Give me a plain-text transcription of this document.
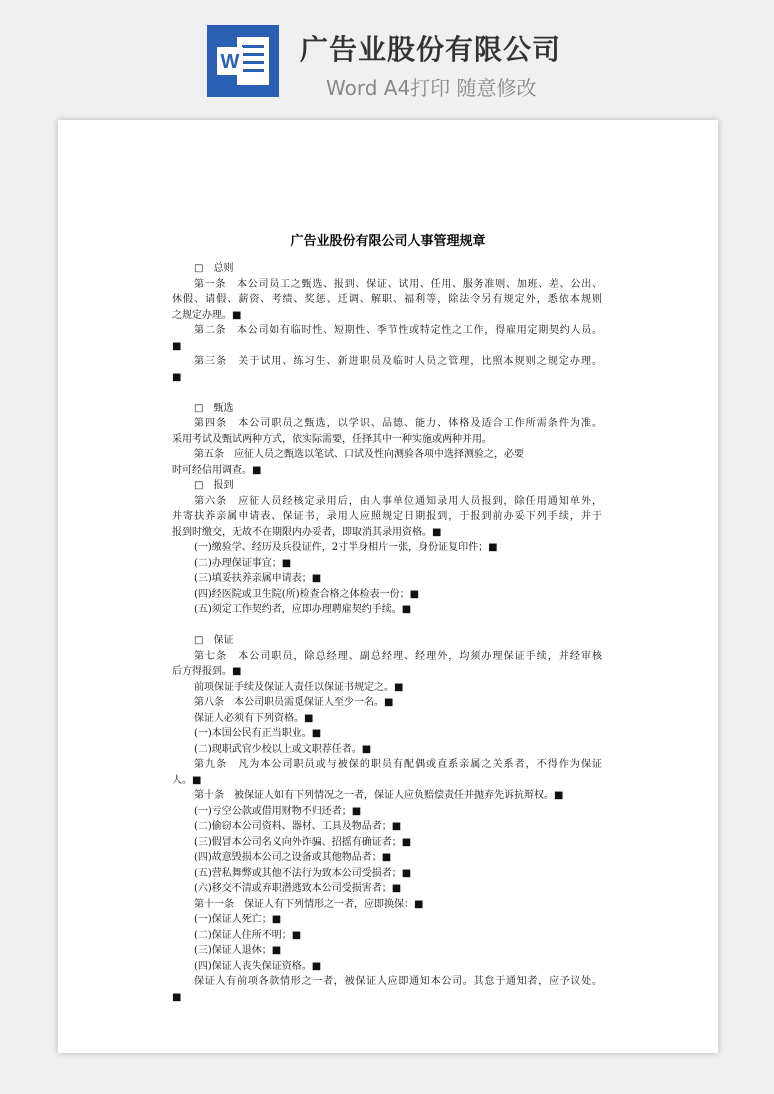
W 广告业股份有限公司
Word A4打印 随意修改
广告业股份有限公司人事管理规章
□　总则
第一条　本公司员工之甄选、报到、保证、试用、任用、服务准则、加班、差、公出、
休假、请假、薪资、考绩、奖惩、迁调、解职、福利等，除法令另有规定外，悉依本规则
之规定办理。■
第二条　本公司如有临时性、短期性、季节性或特定性之工作，得雇用定期契约人员。
■
第三条　关于试用、练习生、新进职员及临时人员之管理，比照本规则之规定办理。
■
□　甄选
第四条　本公司职员之甄选，以学识、品德、能力、体格及适合工作所需条件为准。
采用考试及甄试两种方式，依实际需要，任择其中一种实施或两种并用。
第五条　应征人员之甄选以笔试、口试及性向测验各项中选择测验之，必要
时可经信用调查。■
□　报到
第六条　应征人员经核定录用后，由人事单位通知录用人员报到，除任用通知单外，
并寄扶养亲属申请表、保证书，录用人应照规定日期报到，于报到前办妥下列手续，并于
报到时缴交，无故不在期限内办妥者，即取消其录用资格。■
(一)缴验学、经历及兵役证件，2寸半身相片一张，身份证复印件；■
(二)办理保证事宜；■
(三)填妥扶养亲属申请表；■
(四)经医院或卫生院(所)检查合格之体检表一份；■
(五)须定工作契约者，应即办理聘雇契约手续。■
□　保证
第七条　本公司职员，除总经理、副总经理、经理外，均须办理保证手续，并经审核
后方得报到。■
前项保证手续及保证人责任以保证书规定之。■
第八条　本公司职员需觅保证人至少一名。■
保证人必须有下列资格。■
(一)本国公民有正当职业。■
(二)现职武官少校以上或文职荐任者。■
第九条　凡为本公司职员或与被保的职员有配偶或直系亲属之关系者，不得作为保证
人。■
第十条　被保证人如有下列情况之一者，保证人应负赔偿责任并抛弃先诉抗辩权。■
(一)亏空公款或借用财物不归还者；■
(二)偷窃本公司资料、器材、工具及物品者；■
(三)假冒本公司名义向外诈骗、招摇有确证者；■
(四)故意毁损本公司之设备或其他物品者；■
(五)营私舞弊或其他不法行为致本公司受损者；■
(六)移交不清或弃职潜逃致本公司受损害者；■
第十一条　保证人有下列情形之一者，应即换保：■
(一)保证人死亡；■
(二)保证人住所不明；■
(三)保证人退休；■
(四)保证人丧失保证资格。■
保证人有前项各款情形之一者，被保证人应即通知本公司。其怠于通知者，应予议处。
■
